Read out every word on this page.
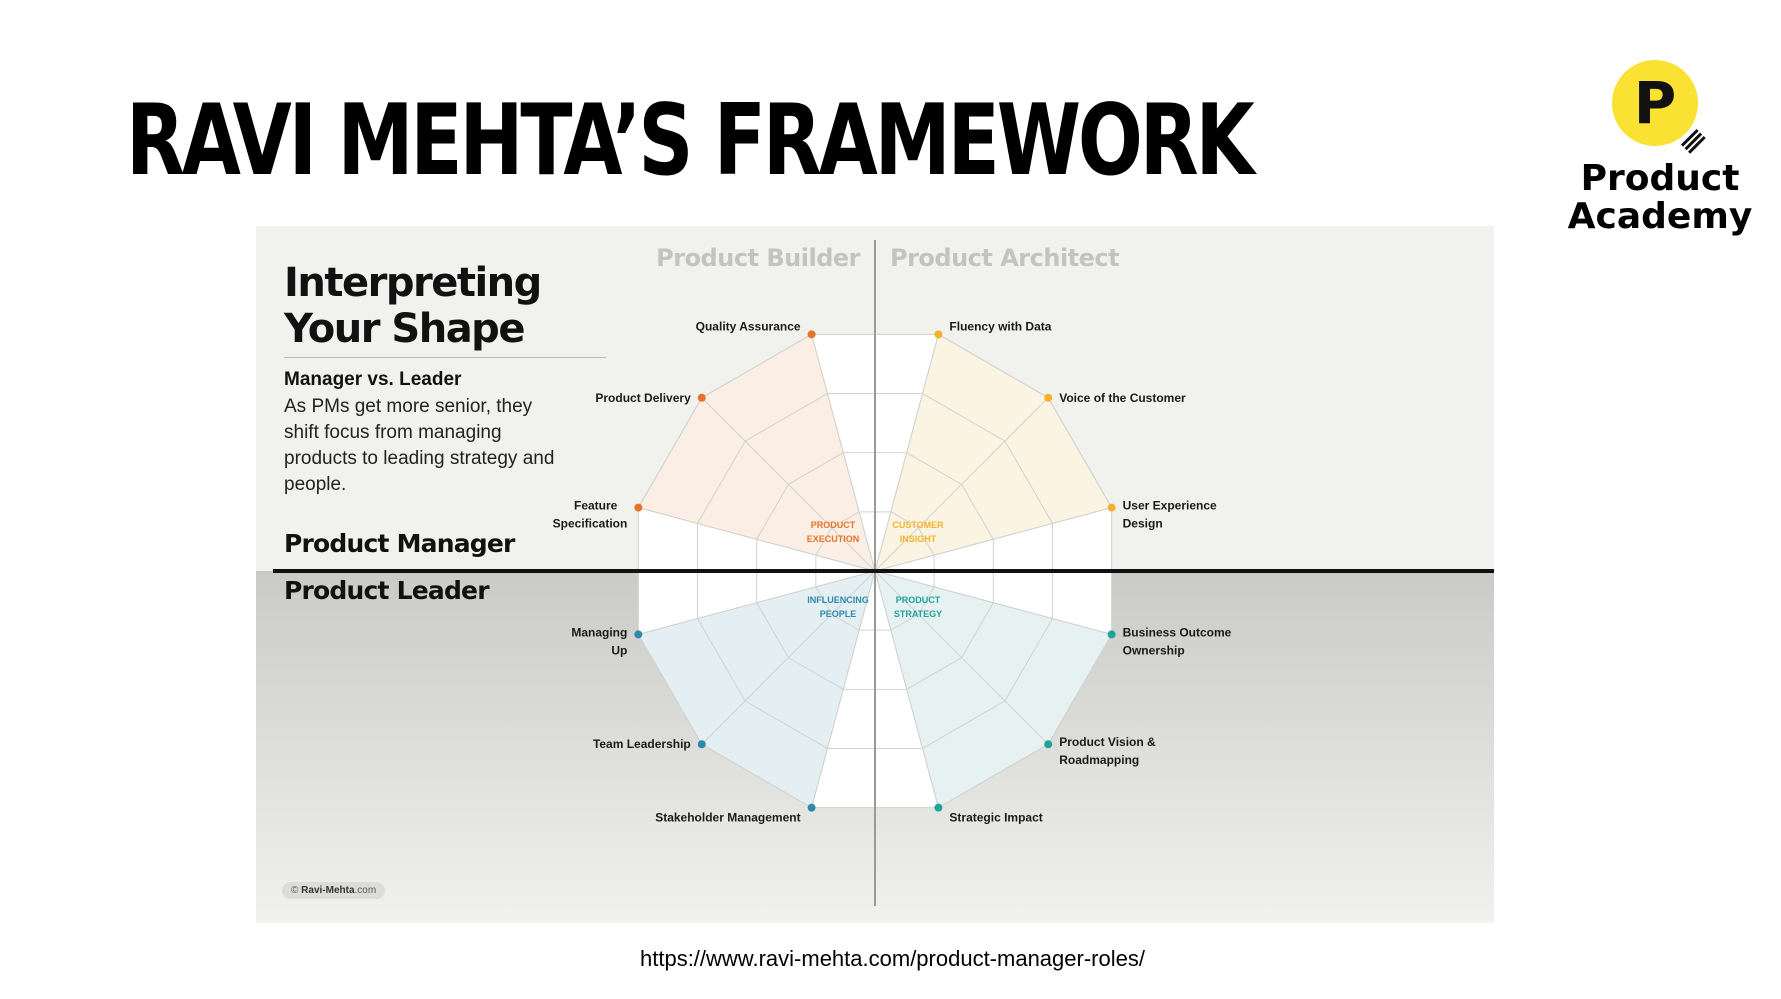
RAVI MEHTA’S FRAMEWORK	P
Product
Academy
Product Builder Product Architect
Fluency with Data
Voice of the Customer
User Experience Design
Business Outcome Ownership
Product Vision & Roadmapping
Strategic Impact
Stakeholder Management
Team Leadership
Managing Up
Feature Specification
Product Delivery
Quality Assurance
PRODUCT EXECUTION
CUSTOMER INSIGHT
PRODUCT STRATEGY
INFLUENCING PEOPLE
Interpreting
Your Shape
Manager vs. Leader

As PMs get more senior, they shift focus from managing products to leading strategy and people.

Product Manager
Product Leader
© Ravi-Mehta.com
https://www.ravi-mehta.com/product-manager-roles/
